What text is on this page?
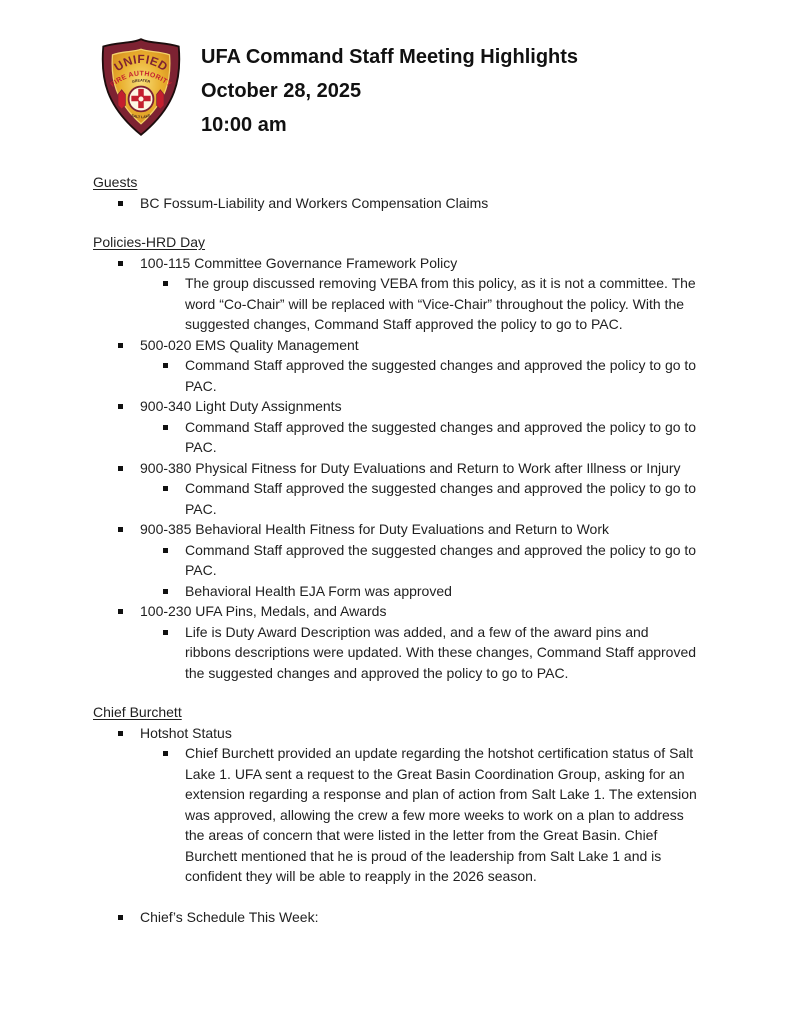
UNIFIED
FIRE AUTHORITY
GREATER
SALT LAKE
UFA Command Staff Meeting Highlights
October 28, 2025
10:00 am
Guests
BC Fossum-Liability and Workers Compensation Claims
Policies-HRD Day
100-115 Committee Governance Framework Policy
The group discussed removing VEBA from this policy, as it is not a committee. The word “Co-Chair” will be replaced with “Vice-Chair” throughout the policy. With the suggested changes, Command Staff approved the policy to go to PAC.
500-020 EMS Quality Management
Command Staff approved the suggested changes and approved the policy to go to PAC.
900-340 Light Duty Assignments
Command Staff approved the suggested changes and approved the policy to go to PAC.
900-380 Physical Fitness for Duty Evaluations and Return to Work after Illness or Injury
Command Staff approved the suggested changes and approved the policy to go to PAC.
900-385 Behavioral Health Fitness for Duty Evaluations and Return to Work
Command Staff approved the suggested changes and approved the policy to go to PAC.
Behavioral Health EJA Form was approved
100-230 UFA Pins, Medals, and Awards
Life is Duty Award Description was added, and a few of the award pins and ribbons descriptions were updated. With these changes, Command Staff approved the suggested changes and approved the policy to go to PAC.
Chief Burchett
Hotshot Status
Chief Burchett provided an update regarding the hotshot certification status of Salt Lake 1. UFA sent a request to the Great Basin Coordination Group, asking for an extension regarding a response and plan of action from Salt Lake 1. The extension was approved, allowing the crew a few more weeks to work on a plan to address the areas of concern that were listed in the letter from the Great Basin. Chief Burchett mentioned that he is proud of the leadership from Salt Lake 1 and is confident they will be able to reapply in the 2026 season.
Chief’s Schedule This Week:
